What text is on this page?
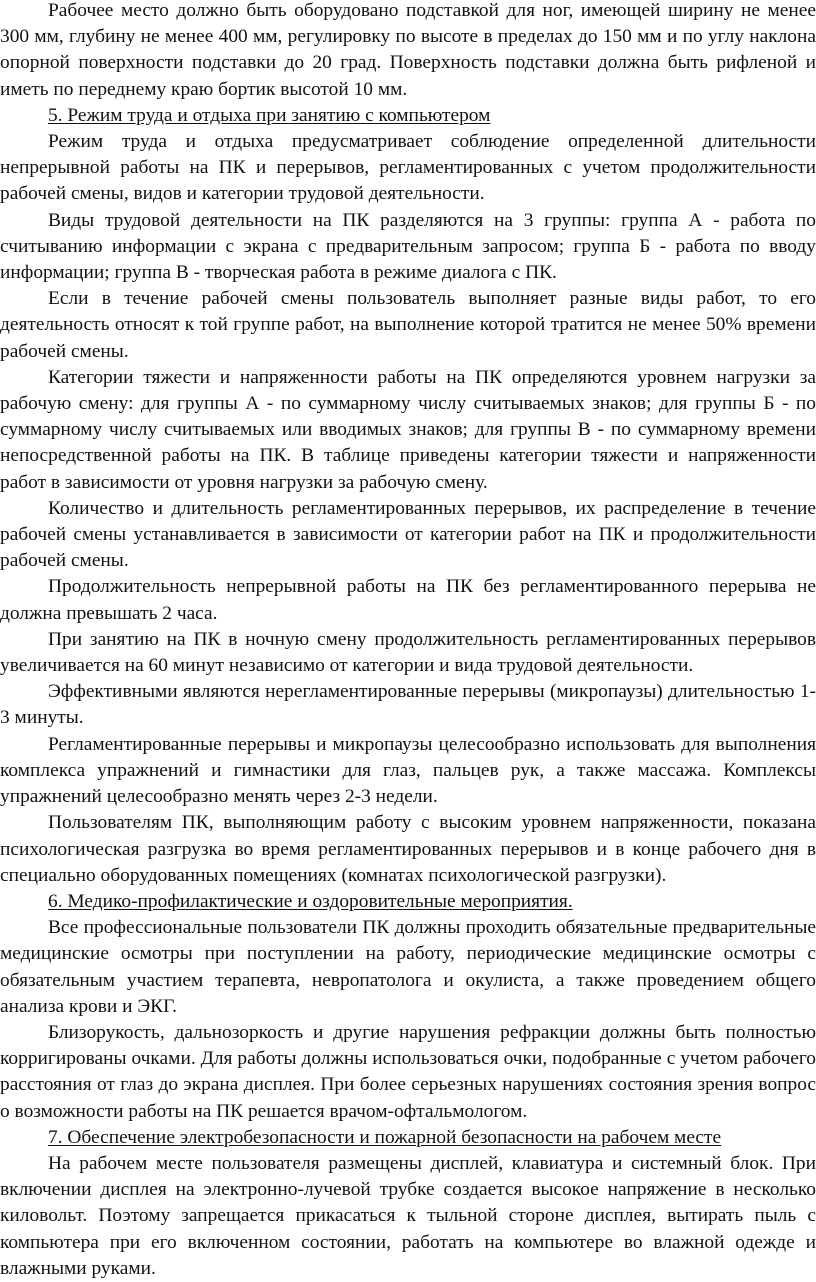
Рабочее место должно быть оборудовано подставкой для ног, имеющей ширину не менее 300 мм, глубину не менее 400 мм, регулировку по высоте в пределах до 150 мм и по углу наклона опорной поверхности подставки до 20 град. Поверхность подставки должна быть рифленой и иметь по переднему краю бортик высотой 10 мм.

5. Режим труда и отдыха при занятию с компьютером

Режим труда и отдыха предусматривает соблюдение определенной длительности непрерывной работы на ПК и перерывов, регламентированных с учетом продолжительности рабочей смены, видов и категории трудовой деятельности.

Виды трудовой деятельности на ПК разделяются на 3 группы: группа А - работа по считыванию информации с экрана с предварительным запросом; группа Б - работа по вводу информации; группа В - творческая работа в режиме диалога с ПК.

Если в течение рабочей смены пользователь выполняет разные виды работ, то его деятельность относят к той группе работ, на выполнение которой тратится не менее 50% времени рабочей смены.

Категории тяжести и напряженности работы на ПК определяются уровнем нагрузки за рабочую смену: для группы А - по суммарному числу считываемых знаков; для группы Б - по суммарному числу считываемых или вводимых знаков; для группы В - по суммарному времени непосредственной работы на ПК. В таблице приведены категории тяжести и напряженности работ в зависимости от уровня нагрузки за рабочую смену.

Количество и длительность регламентированных перерывов, их распределение в течение рабочей смены устанавливается в зависимости от категории работ на ПК и продолжительности рабочей смены.

Продолжительность непрерывной работы на ПК без регламентированного перерыва не должна превышать 2 часа.

При занятию на ПК в ночную смену продолжительность регламентированных перерывов увеличивается на 60 минут независимо от категории и вида трудовой деятельности.

Эффективными являются нерегламентированные перерывы (микропаузы) длительностью 1-3 минуты.

Регламентированные перерывы и микропаузы целесообразно использовать для выполнения комплекса упражнений и гимнастики для глаз, пальцев рук, а также массажа. Комплексы упражнений целесообразно менять через 2-3 недели.

Пользователям ПК, выполняющим работу с высоким уровнем напряженности, показана психологическая разгрузка во время регламентированных перерывов и в конце рабочего дня в специально оборудованных помещениях (комнатах психологической разгрузки).

6. Медико-профилактические и оздоровительные мероприятия.

Все профессиональные пользователи ПК должны проходить обязательные предварительные медицинские осмотры при поступлении на работу, периодические медицинские осмотры с обязательным участием терапевта, невропатолога и окулиста, а также проведением общего анализа крови и ЭКГ.

Близорукость, дальнозоркость и другие нарушения рефракции должны быть полностью корригированы очками. Для работы должны использоваться очки, подобранные с учетом рабочего расстояния от глаз до экрана дисплея. При более серьезных нарушениях состояния зрения вопрос о возможности работы на ПК решается врачом-офтальмологом.

7. Обеспечение электробезопасности и пожарной безопасности на рабочем месте

На рабочем месте пользователя размещены дисплей, клавиатура и системный блок. При включении дисплея на электронно-лучевой трубке создается высокое напряжение в несколько киловольт. Поэтому запрещается прикасаться к тыльной стороне дисплея, вытирать пыль с компьютера при его включенном состоянии, работать на компьютере во влажной одежде и влажными руками.
